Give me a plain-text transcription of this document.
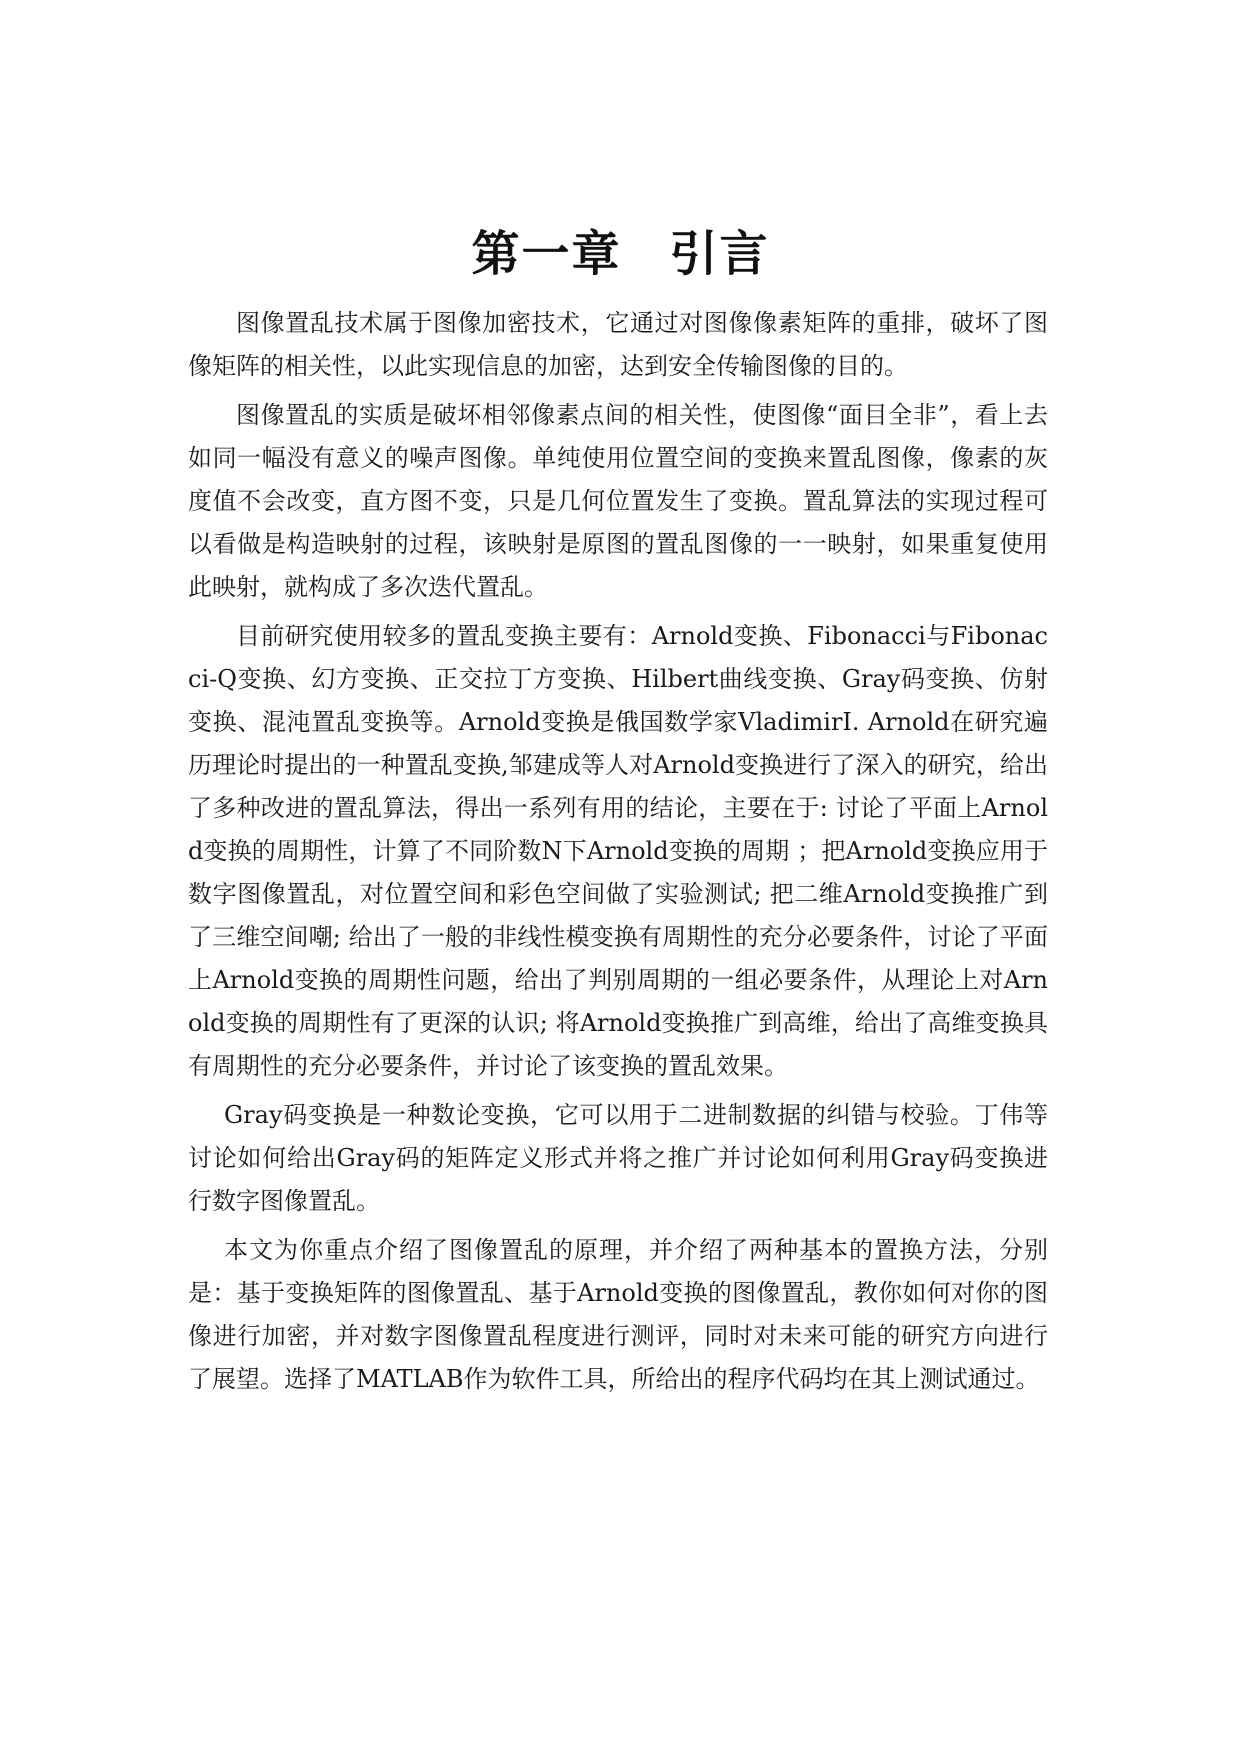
第一章 引言

图像置乱技术属于图像加密技术，它通过对图像像素矩阵的重排，破坏了图像矩阵的相关性，以此实现信息的加密，达到安全传输图像的目的。

图像置乱的实质是破坏相邻像素点间的相关性，使图像“面目全非”，看上去如同一幅没有意义的噪声图像。单纯使用位置空间的变换来置乱图像，像素的灰度值不会改变，直方图不变，只是几何位置发生了变换。置乱算法的实现过程可以看做是构造映射的过程，该映射是原图的置乱图像的一一映射，如果重复使用此映射，就构成了多次迭代置乱。

目前研究使用较多的置乱变换主要有：Arnold变换、Fibonacci与Fibonacci-Q变换、幻方变换、正交拉丁方变换、Hilbert曲线变换、Gray码变换、仿射变换、混沌置乱变换等。Arnold变换是俄国数学家VladimirI. Arnold在研究遍历理论时提出的一种置乱变换,邹建成等人对Arnold变换进行了深入的研究，给出了多种改进的置乱算法，得出一系列有用的结论，主要在于: 讨论了平面上Arnold变换的周期性，计算了不同阶数N下Arnold变换的周期 ；把Arnold变换应用于数字图像置乱，对位置空间和彩色空间做了实验测试; 把二维Arnold变换推广到了三维空间嘲; 给出了一般的非线性模变换有周期性的充分必要条件，讨论了平面上Arnold变换的周期性问题，给出了判别周期的一组必要条件，从理论上对Arnold变换的周期性有了更深的认识; 将Arnold变换推广到高维，给出了高维变换具有周期性的充分必要条件，并讨论了该变换的置乱效果。

Gray码变换是一种数论变换，它可以用于二进制数据的纠错与校验。丁伟等讨论如何给出Gray码的矩阵定义形式并将之推广并讨论如何利用Gray码变换进行数字图像置乱。

本文为你重点介绍了图像置乱的原理，并介绍了两种基本的置换方法，分别是：基于变换矩阵的图像置乱、基于Arnold变换的图像置乱，教你如何对你的图像进行加密，并对数字图像置乱程度进行测评，同时对未来可能的研究方向进行了展望。选择了MATLAB作为软件工具，所给出的程序代码均在其上测试通过。
